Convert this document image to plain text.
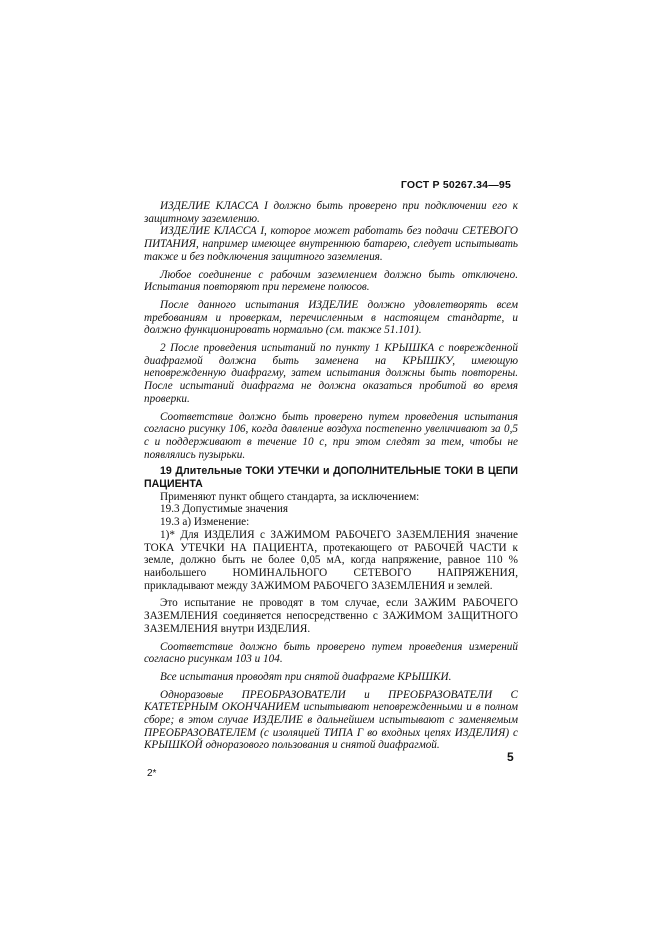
ГОСТ Р 50267.34—95

ИЗДЕЛИЕ КЛАССА I должно быть проверено при подключении его к защитному заземлению.

ИЗДЕЛИЕ КЛАССА I, которое может работать без подачи СЕТЕВОГО ПИТАНИЯ, например имеющее внутреннюю батарею, следует испытывать также и без подключения защитного заземления.

Любое соединение с рабочим заземлением должно быть отключено. Испытания повторяют при перемене полюсов.

После данного испытания ИЗДЕЛИЕ должно удовлетворять всем требованиям и проверкам, перечисленным в настоящем стандарте, и должно функционировать нормально (см. также 51.101).

2 После проведения испытаний по пункту 1 КРЫШКА с поврежденной диафрагмой должна быть заменена на КРЫШКУ, имеющую неповрежденную диафрагму, затем испытания должны быть повторены. После испытаний диафрагма не должна оказаться пробитой во время проверки.

Соответствие должно быть проверено путем проведения испытания согласно рисунку 106, когда давление воздуха постепенно увеличивают за 0,5 с и поддерживают в течение 10 с, при этом следят за тем, чтобы не появлялись пузырьки.

19 Длительные ТОКИ УТЕЧКИ и ДОПОЛНИТЕЛЬНЫЕ ТОКИ В ЦЕПИ ПАЦИЕНТА

Применяют пункт общего стандарта, за исключением:

19.3 Допустимые значения

19.3 а) Изменение:

1)* Для ИЗДЕЛИЯ с ЗАЖИМОМ РАБОЧЕГО ЗАЗЕМЛЕНИЯ значение ТОКА УТЕЧКИ НА ПАЦИЕНТА, протекающего от РАБОЧЕЙ ЧАСТИ к земле, должно быть не более 0,05 мА, когда напряжение, равное 110 % наибольшего НОМИНАЛЬНОГО СЕТЕВОГО НАПРЯЖЕНИЯ, прикладывают между ЗАЖИМОМ РАБОЧЕГО ЗАЗЕМЛЕНИЯ и землей.

Это испытание не проводят в том случае, если ЗАЖИМ РАБОЧЕГО ЗАЗЕМЛЕНИЯ соединяется непосредственно с ЗАЖИМОМ ЗАЩИТНОГО ЗАЗЕМЛЕНИЯ внутри ИЗДЕЛИЯ.

Соответствие должно быть проверено путем проведения измерений согласно рисункам 103 и 104.

Все испытания проводят при снятой диафрагме КРЫШКИ.

Одноразовые ПРЕОБРАЗОВАТЕЛИ и ПРЕОБРАЗОВАТЕЛИ С КАТЕТЕРНЫМ ОКОНЧАНИЕМ испытывают неповрежденными и в полном сборе; в этом случае ИЗДЕЛИЕ в дальнейшем испытывают с заменяемым ПРЕОБРАЗОВАТЕЛЕМ (с изоляцией ТИПА Г во входных цепях ИЗДЕЛИЯ) с КРЫШКОЙ одноразового пользования и снятой диафрагмой.

5
2*
